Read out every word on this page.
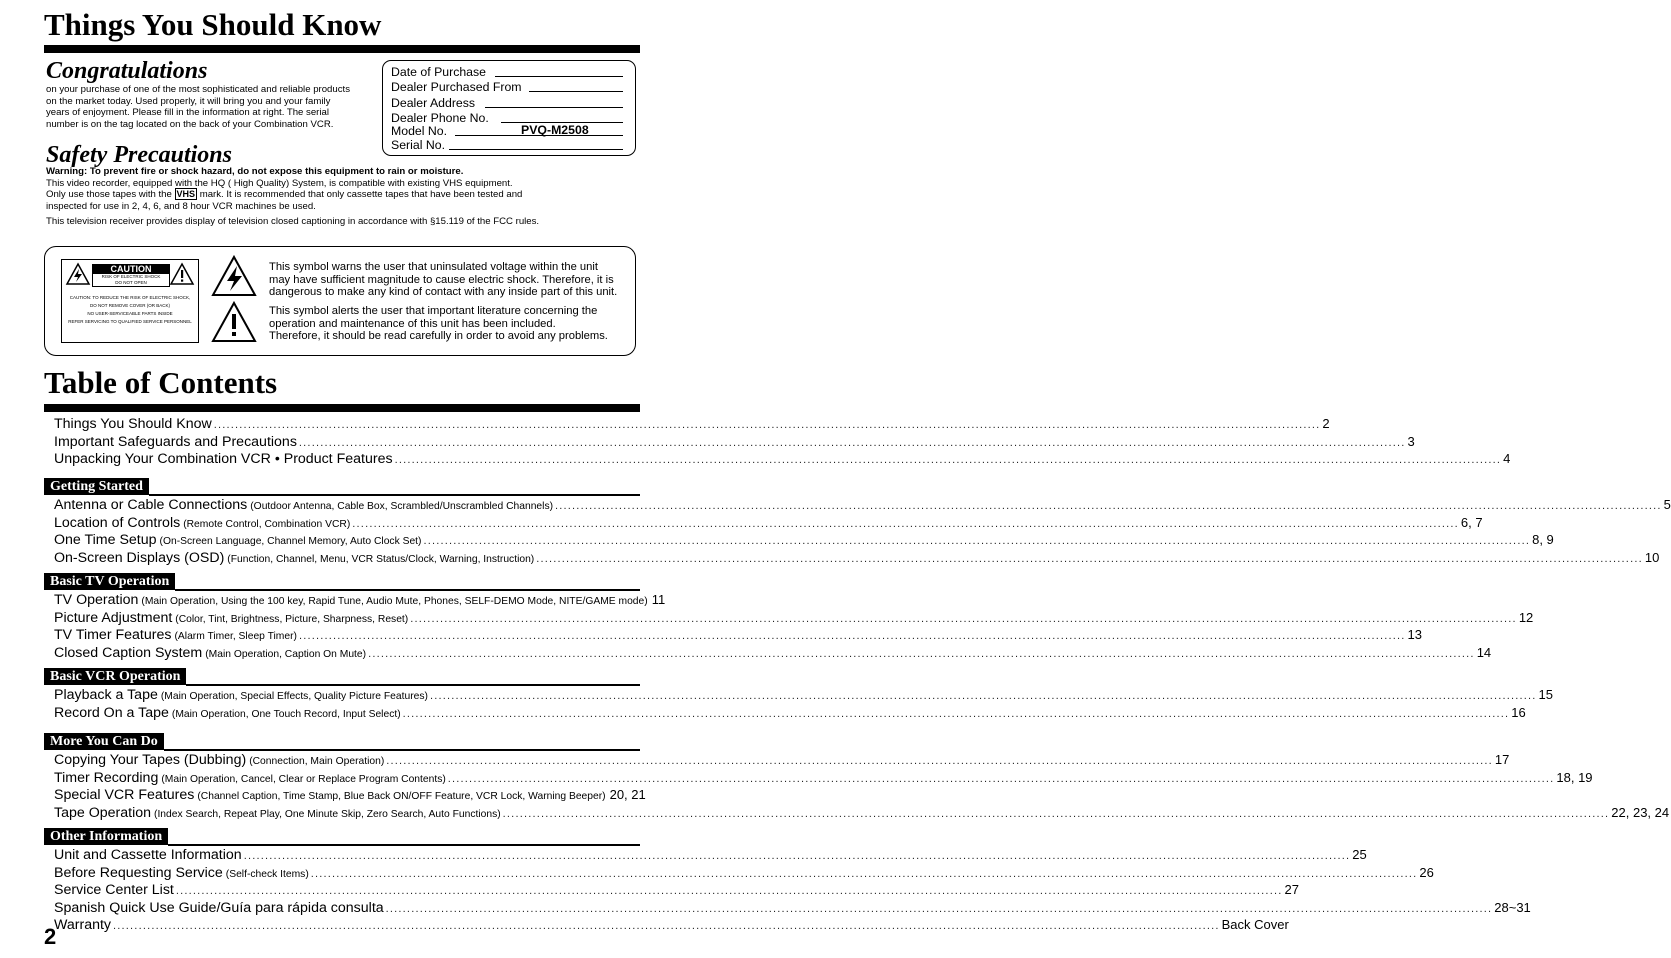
Things You Should Know
Congratulations
on your purchase of one of the most sophisticated and reliable products
on the market today. Used properly, it will bring you and your family
years of enjoyment. Please fill in the information at right. The serial
number is on the tag located on the back of your Combination VCR.
Date of Purchase
Dealer Purchased From
Dealer Address
Dealer Phone No.
Model No.	PVQ-M2508
Serial No.
Safety Precautions
Warning: To prevent fire or shock hazard, do not expose this equipment to rain or moisture.
This video recorder, equipped with the HQ ( High Quality) System, is compatible with existing VHS equipment.
Only use those tapes with the VHS mark. It is recommended that only cassette tapes that have been tested and
inspected for use in 2, 4, 6, and 8 hour VCR machines be used.
This television receiver provides display of television closed captioning in accordance with §15.119 of the FCC rules.
CAUTION
RISK OF ELECTRIC SHOCK
DO NOT OPEN
CAUTION: TO REDUCE THE RISK OF ELECTRIC SHOCK,
DO NOT REMOVE COVER (OR BACK)
NO USER-SERVICEABLE PARTS INSIDE
REFER SERVICING TO QUALIFIED SERVICE PERSONNEL
This symbol warns the user that uninsulated voltage within the unit
may have sufficient magnitude to cause electric shock. Therefore, it is
dangerous to make any kind of contact with any inside part of this unit.
This symbol alerts the user that important literature concerning the
operation and maintenance of this unit has been included.
Therefore, it should be read carefully in order to avoid any problems.
Table of Contents
Things You Should Know .................................................................................................................................................................................................................................................................... 2
Important Safeguards and Precautions .................................................................................................................................................................................................................................................................... 3
Unpacking Your Combination VCR • Product Features .................................................................................................................................................................................................................................................................... 4
Getting Started
Antenna or Cable Connections (Outdoor Antenna, Cable Box, Scrambled/Unscrambled Channels) .................................................................................................................................................................................................................................................................... 5
Location of Controls (Remote Control, Combination VCR) .................................................................................................................................................................................................................................................................... 6, 7
One Time Setup (On-Screen Language, Channel Memory, Auto Clock Set) .................................................................................................................................................................................................................................................................... 8, 9
On-Screen Displays (OSD) (Function, Channel, Menu, VCR Status/Clock, Warning, Instruction) .................................................................................................................................................................................................................................................................... 10
Basic TV Operation
TV Operation (Main Operation, Using the 100 key, Rapid Tune, Audio Mute, Phones, SELF-DEMO Mode, NITE/GAME mode) 11
Picture Adjustment (Color, Tint, Brightness, Picture, Sharpness, Reset) .................................................................................................................................................................................................................................................................... 12
TV Timer Features (Alarm Timer, Sleep Timer) .................................................................................................................................................................................................................................................................... 13
Closed Caption System (Main Operation, Caption On Mute) .................................................................................................................................................................................................................................................................... 14
Basic VCR Operation
Playback a Tape (Main Operation, Special Effects, Quality Picture Features) .................................................................................................................................................................................................................................................................... 15
Record On a Tape (Main Operation, One Touch Record, Input Select) .................................................................................................................................................................................................................................................................... 16
More You Can Do
Copying Your Tapes (Dubbing) (Connection, Main Operation) .................................................................................................................................................................................................................................................................... 17
Timer Recording (Main Operation, Cancel, Clear or Replace Program Contents) .................................................................................................................................................................................................................................................................... 18, 19
Special VCR Features (Channel Caption, Time Stamp, Blue Back ON/OFF Feature, VCR Lock, Warning Beeper) 20, 21
Tape Operation (Index Search, Repeat Play, One Minute Skip, Zero Search, Auto Functions) .................................................................................................................................................................................................................................................................... 22, 23, 24
Other Information
Unit and Cassette Information .................................................................................................................................................................................................................................................................... 25
Before Requesting Service (Self-check Items) .................................................................................................................................................................................................................................................................... 26
Service Center List .................................................................................................................................................................................................................................................................... 27
Spanish Quick Use Guide/Guía para rápida consulta .................................................................................................................................................................................................................................................................... 28~31
Warranty .................................................................................................................................................................................................................................................................... Back Cover
2
